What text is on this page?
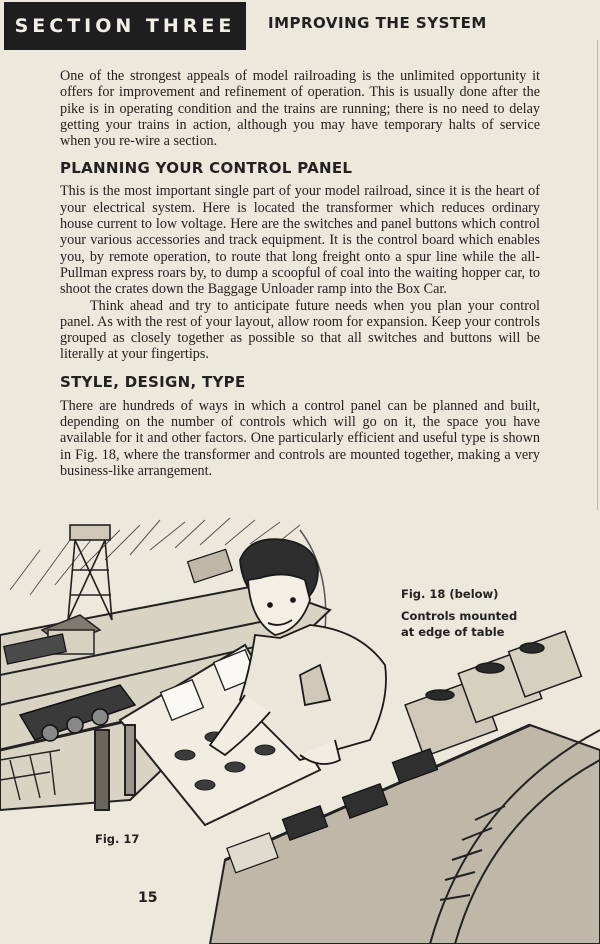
SECTION THREE IMPROVING THE SYSTEM

One of the strongest appeals of model railroading is the unlimited opportunity it offers for improvement and refinement of operation. This is usually done after the pike is in operating condition and the trains are running; there is no need to delay getting your trains in action, although you may have temporary halts of service when you re-wire a section.

PLANNING YOUR CONTROL PANEL

This is the most important single part of your model railroad, since it is the heart of your electrical system. Here is located the transformer which reduces ordinary house current to low voltage. Here are the switches and panel buttons which control your various accessories and track equipment. It is the control board which enables you, by remote operation, to route that long freight onto a spur line while the all-Pullman express roars by, to dump a scoopful of coal into the waiting hopper car, to shoot the crates down the Baggage Unloader ramp into the Box Car.

Think ahead and try to anticipate future needs when you plan your control panel. As with the rest of your layout, allow room for expansion. Keep your controls grouped as closely together as possible so that all switches and buttons will be literally at your fingertips.

STYLE, DESIGN, TYPE

There are hundreds of ways in which a control panel can be planned and built, depending on the number of controls which will go on it, the space you have available for it and other factors. One particularly efficient and useful type is shown in Fig. 18, where the transformer and controls are mounted together, making a very business-like arrangement.

Fig. 18 (below)
Controls mounted
at edge of table
Fig. 17
15
